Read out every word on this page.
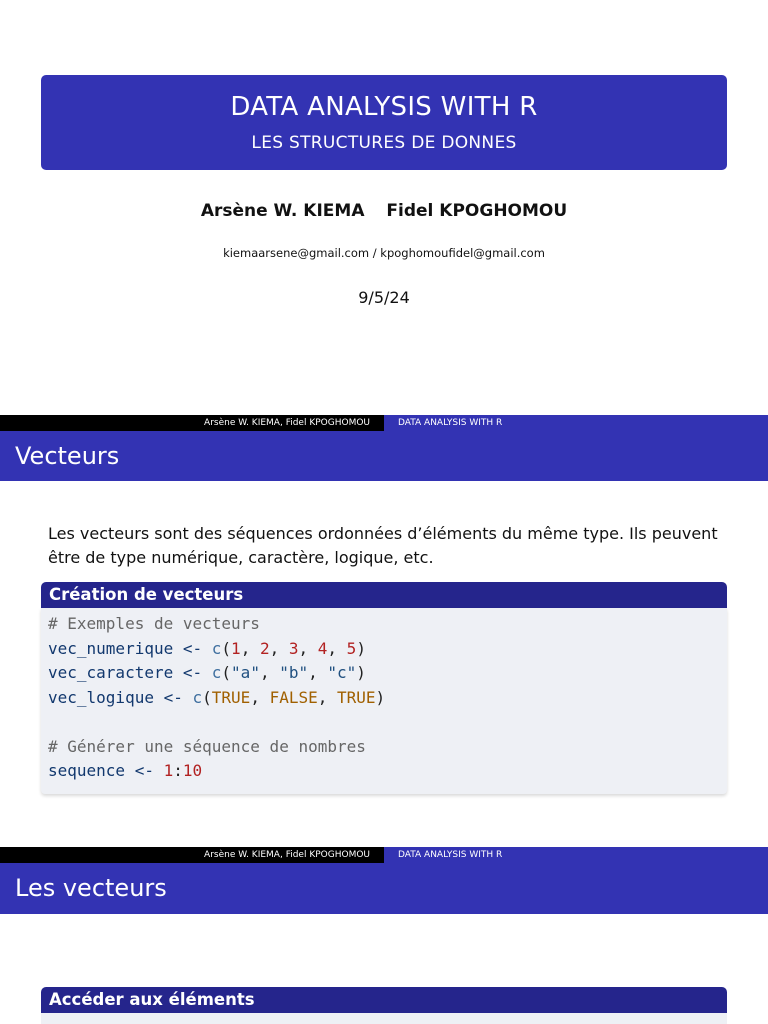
DATA ANALYSIS WITH R
LES STRUCTURES DE DONNES
Arsène W. KIEMA Fidel KPOGHOMOU
kiemaarsene@gmail.com / kpoghomoufidel@gmail.com
9/5/24
Arsène W. KIEMA, Fidel KPOGHOMOU	DATA ANALYSIS WITH R
Vecteurs
Les vecteurs sont des séquences ordonnées d’éléments du même type. Ils peuvent
être de type numérique, caractère, logique, etc.
Création de vecteurs
# Exemples de vecteurs
vec_numerique <- c(1, 2, 3, 4, 5)
vec_caractere <- c("a", "b", "c")
vec_logique <- c(TRUE, FALSE, TRUE)
# Générer une séquence de nombres
sequence <- 1:10
Arsène W. KIEMA, Fidel KPOGHOMOU	DATA ANALYSIS WITH R
Les vecteurs
Accéder aux éléments
